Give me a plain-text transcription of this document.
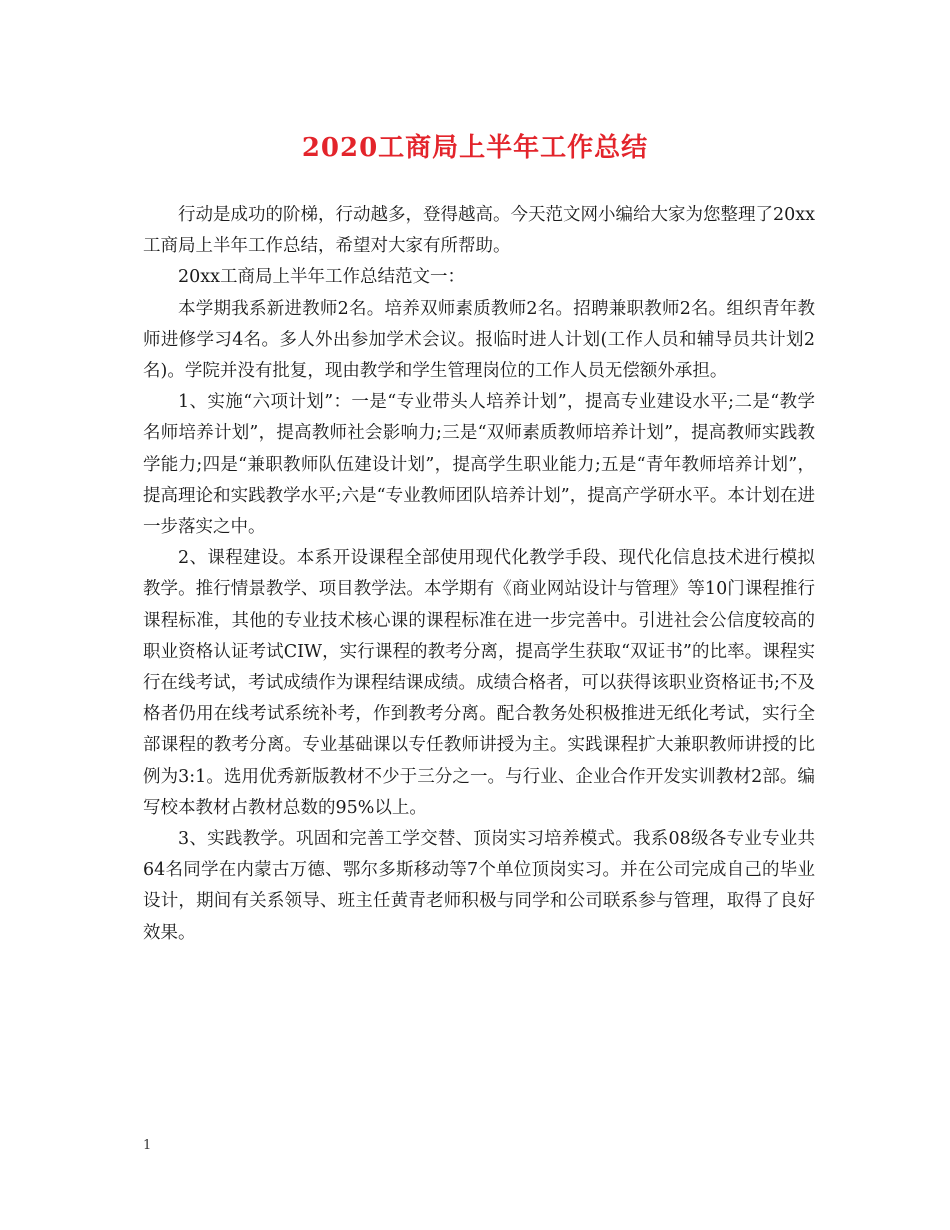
2020工商局上半年工作总结

行动是成功的阶梯，行动越多，登得越高。今天范文网小编给大家为您整理了20xx工商局上半年工作总结，希望对大家有所帮助。

20xx工商局上半年工作总结范文一：

本学期我系新进教师2名。培养双师素质教师2名。招聘兼职教师2名。组织青年教师进修学习4名。多人外出参加学术会议。报临时进人计划(工作人员和辅导员共计划2名)。学院并没有批复，现由教学和学生管理岗位的工作人员无偿额外承担。

1、实施“六项计划”：一是“专业带头人培养计划”，提高专业建设水平;二是“教学名师培养计划”，提高教师社会影响力;三是“双师素质教师培养计划”，提高教师实践教学能力;四是“兼职教师队伍建设计划”，提高学生职业能力;五是“青年教师培养计划”，提高理论和实践教学水平;六是“专业教师团队培养计划”，提高产学研水平。本计划在进一步落实之中。

2、课程建设。本系开设课程全部使用现代化教学手段、现代化信息技术进行模拟教学。推行情景教学、项目教学法。本学期有《商业网站设计与管理》等10门课程推行课程标准，其他的专业技术核心课的课程标准在进一步完善中。引进社会公信度较高的职业资格认证考试CIW，实行课程的教考分离，提高学生获取“双证书”的比率。课程实行在线考试，考试成绩作为课程结课成绩。成绩合格者，可以获得该职业资格证书;不及格者仍用在线考试系统补考，作到教考分离。配合教务处积极推进无纸化考试，实行全部课程的教考分离。专业基础课以专任教师讲授为主。实践课程扩大兼职教师讲授的比例为3:1。选用优秀新版教材不少于三分之一。与行业、企业合作开发实训教材2部。编写校本教材占教材总数的95%以上。

3、实践教学。巩固和完善工学交替、顶岗实习培养模式。我系08级各专业专业共64名同学在内蒙古万德、鄂尔多斯移动等7个单位顶岗实习。并在公司完成自己的毕业设计，期间有关系领导、班主任黄青老师积极与同学和公司联系参与管理，取得了良好效果。

1
